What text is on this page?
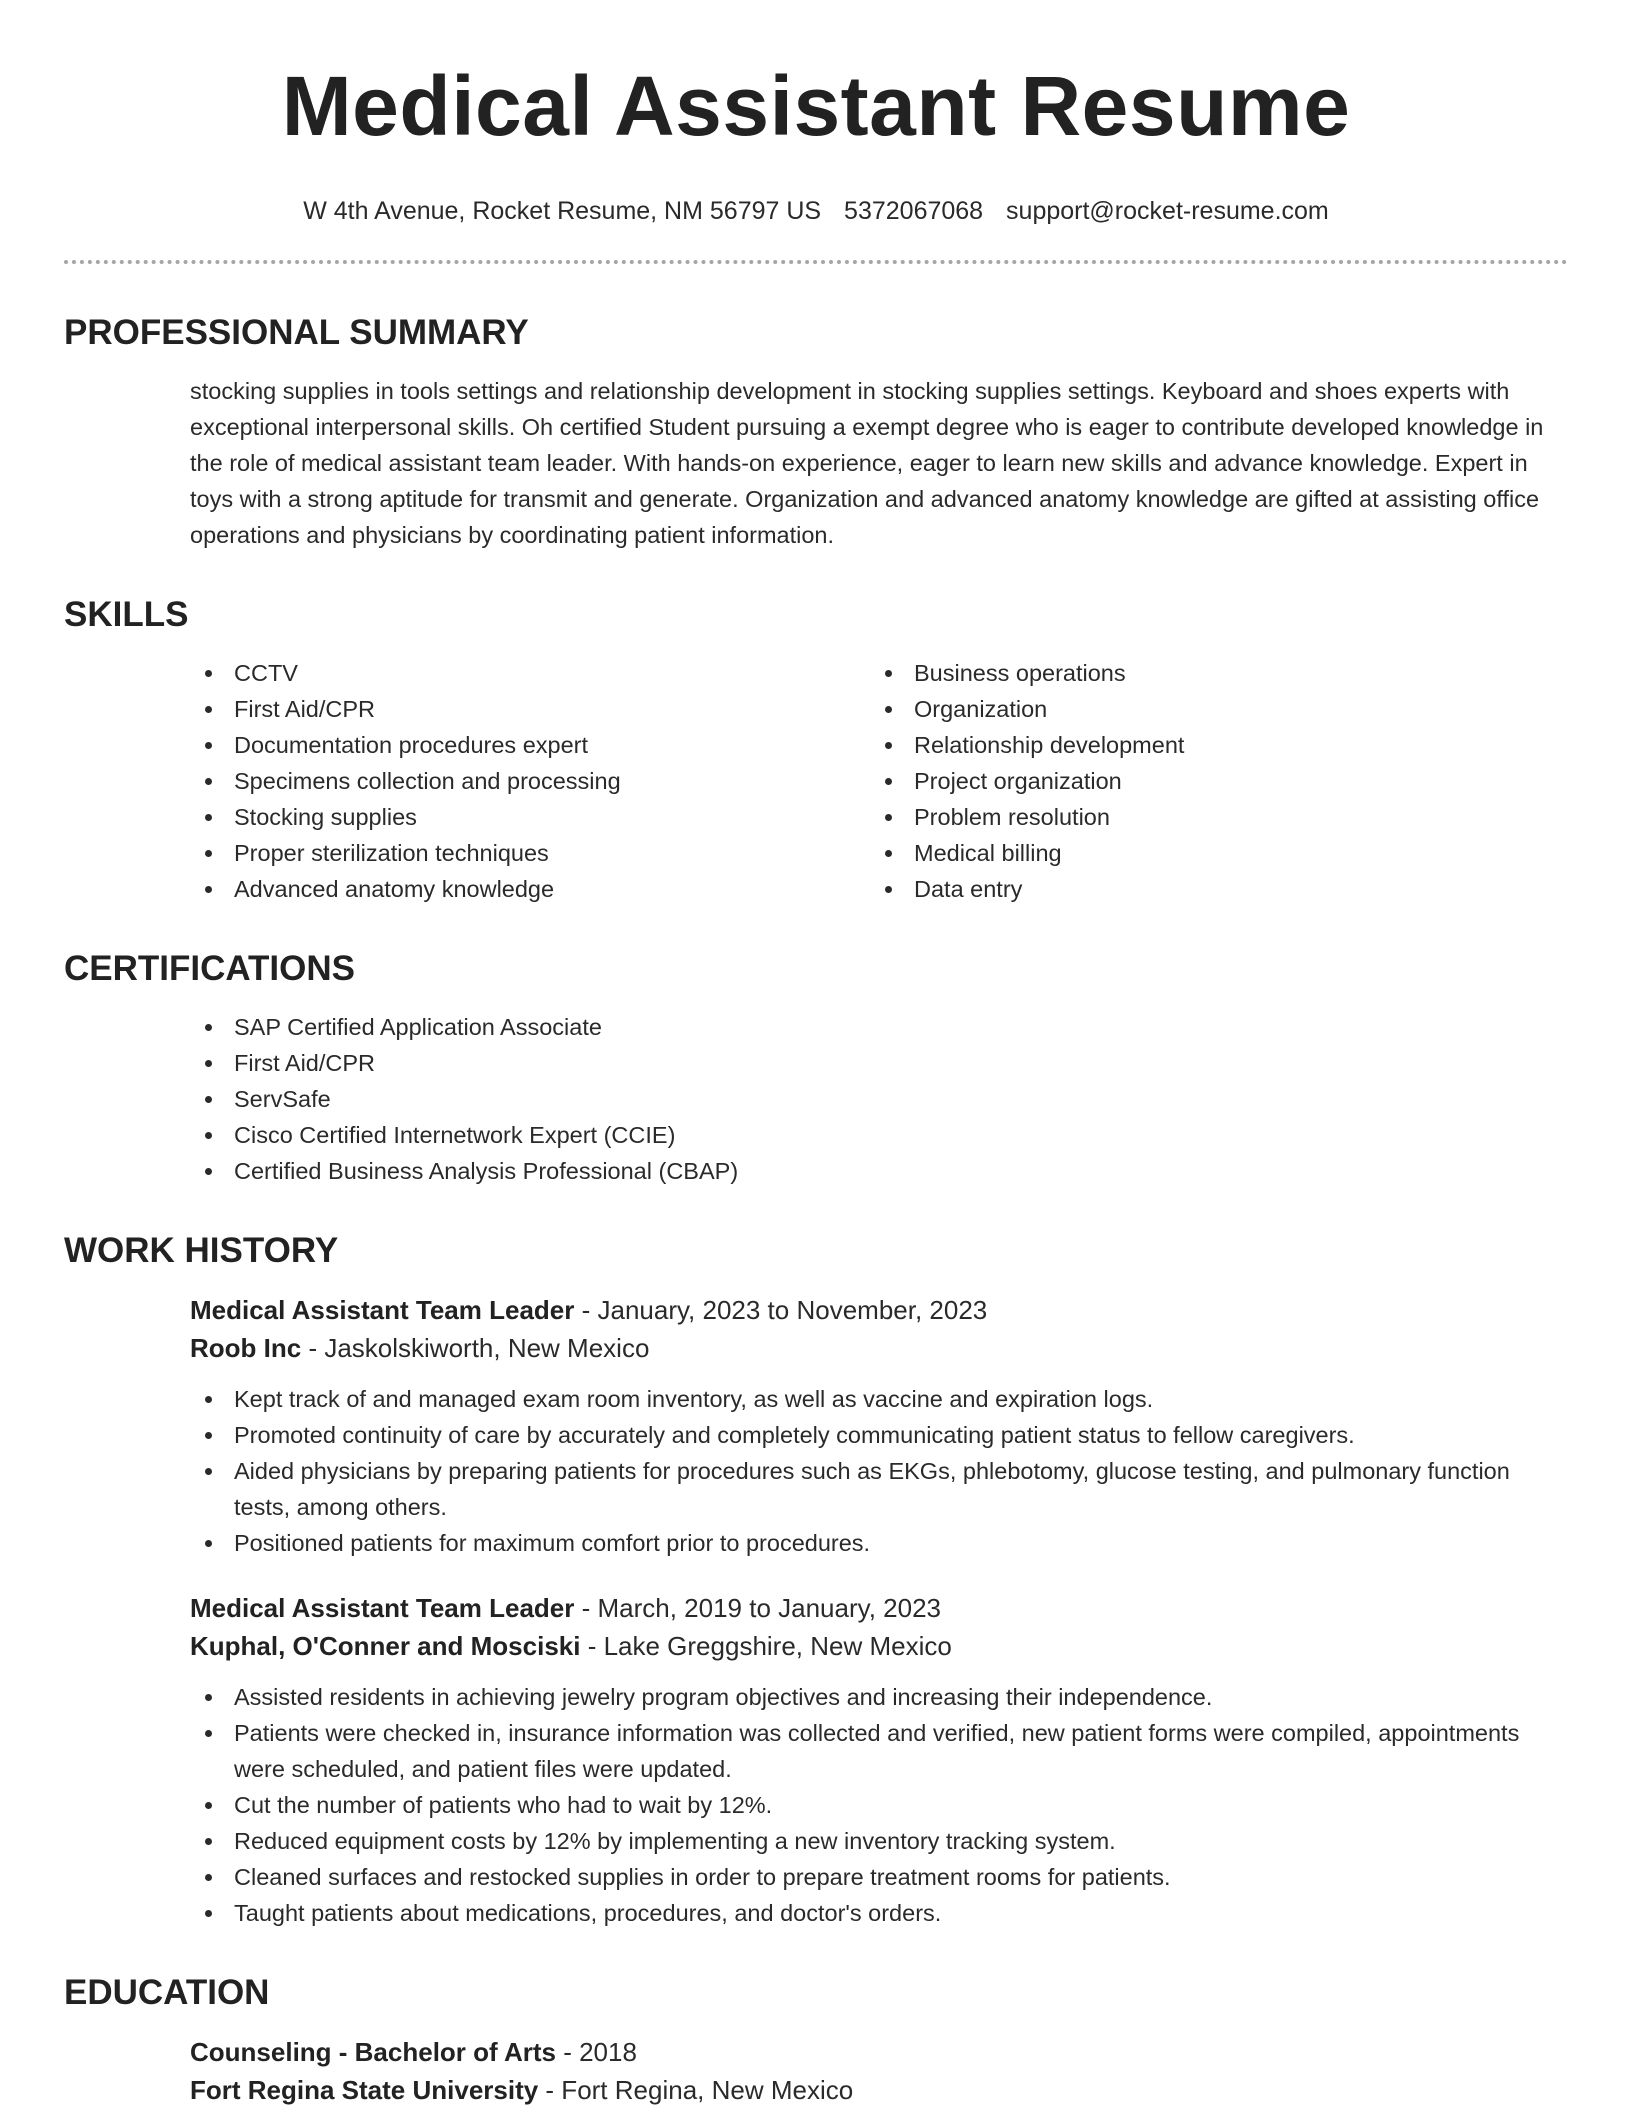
Medical Assistant Resume
W 4th Avenue, Rocket Resume, NM 56797 US 5372067068 support@rocket-resume.com
PROFESSIONAL SUMMARY
stocking supplies in tools settings and relationship development in stocking supplies settings. Keyboard and shoes experts with exceptional interpersonal skills. Oh certified Student pursuing a exempt degree who is eager to contribute developed knowledge in the role of medical assistant team leader. With hands-on experience, eager to learn new skills and advance knowledge. Expert in toys with a strong aptitude for transmit and generate. Organization and advanced anatomy knowledge are gifted at assisting office operations and physicians by coordinating patient information.
SKILLS
CCTV
First Aid/CPR
Documentation procedures expert
Specimens collection and processing
Stocking supplies
Proper sterilization techniques
Advanced anatomy knowledge
Business operations
Organization
Relationship development
Project organization
Problem resolution
Medical billing
Data entry
CERTIFICATIONS
SAP Certified Application Associate
First Aid/CPR
ServSafe
Cisco Certified Internetwork Expert (CCIE)
Certified Business Analysis Professional (CBAP)
WORK HISTORY
Medical Assistant Team Leader - January, 2023 to November, 2023
Roob Inc - Jaskolskiworth, New Mexico
Kept track of and managed exam room inventory, as well as vaccine and expiration logs.
Promoted continuity of care by accurately and completely communicating patient status to fellow caregivers.
Aided physicians by preparing patients for procedures such as EKGs, phlebotomy, glucose testing, and pulmonary function tests, among others.
Positioned patients for maximum comfort prior to procedures.
Medical Assistant Team Leader - March, 2019 to January, 2023
Kuphal, O'Conner and Mosciski - Lake Greggshire, New Mexico
Assisted residents in achieving jewelry program objectives and increasing their independence.
Patients were checked in, insurance information was collected and verified, new patient forms were compiled, appointments were scheduled, and patient files were updated.
Cut the number of patients who had to wait by 12%.
Reduced equipment costs by 12% by implementing a new inventory tracking system.
Cleaned surfaces and restocked supplies in order to prepare treatment rooms for patients.
Taught patients about medications, procedures, and doctor's orders.
EDUCATION
Counseling - Bachelor of Arts - 2018
Fort Regina State University - Fort Regina, New Mexico
